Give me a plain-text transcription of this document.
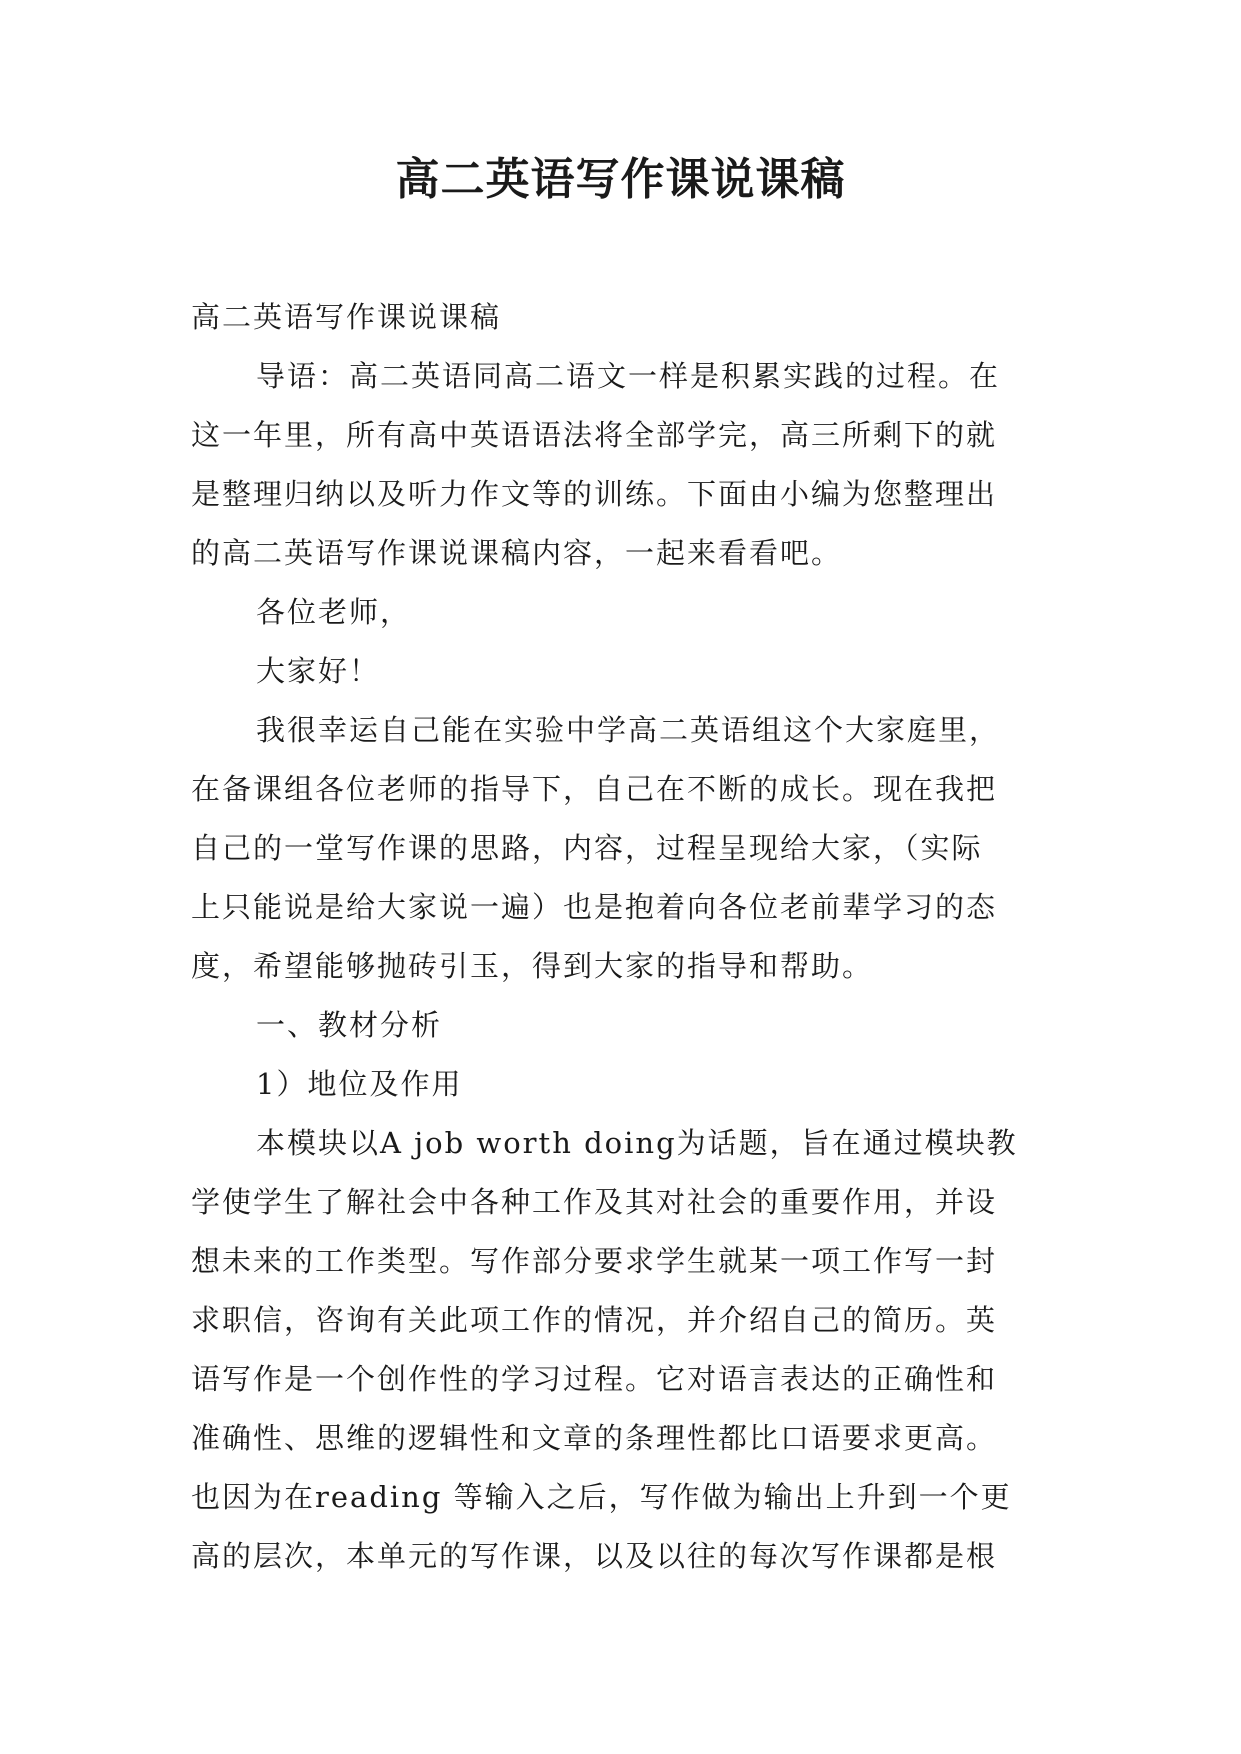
高二英语写作课说课稿
高二英语写作课说课稿
导语：高二英语同高二语文一样是积累实践的过程。在
这一年里，所有高中英语语法将全部学完，高三所剩下的就
是整理归纳以及听力作文等的训练。下面由小编为您整理出
的高二英语写作课说课稿内容，一起来看看吧。
各位老师，
大家好！
我很幸运自己能在实验中学高二英语组这个大家庭里，
在备课组各位老师的指导下，自己在不断的成长。现在我把
自己的一堂写作课的思路，内容，过程呈现给大家，（实际
上只能说是给大家说一遍）也是抱着向各位老前辈学习的态
度，希望能够抛砖引玉，得到大家的指导和帮助。
一、教材分析
1）地位及作用
本模块以A job worth doing为话题，旨在通过模块教
学使学生了解社会中各种工作及其对社会的重要作用，并设
想未来的工作类型。写作部分要求学生就某一项工作写一封
求职信，咨询有关此项工作的情况，并介绍自己的简历。英
语写作是一个创作性的学习过程。它对语言表达的正确性和
准确性、思维的逻辑性和文章的条理性都比口语要求更高。
也因为在reading 等输入之后，写作做为输出上升到一个更
高的层次，本单元的写作课，以及以往的每次写作课都是根
